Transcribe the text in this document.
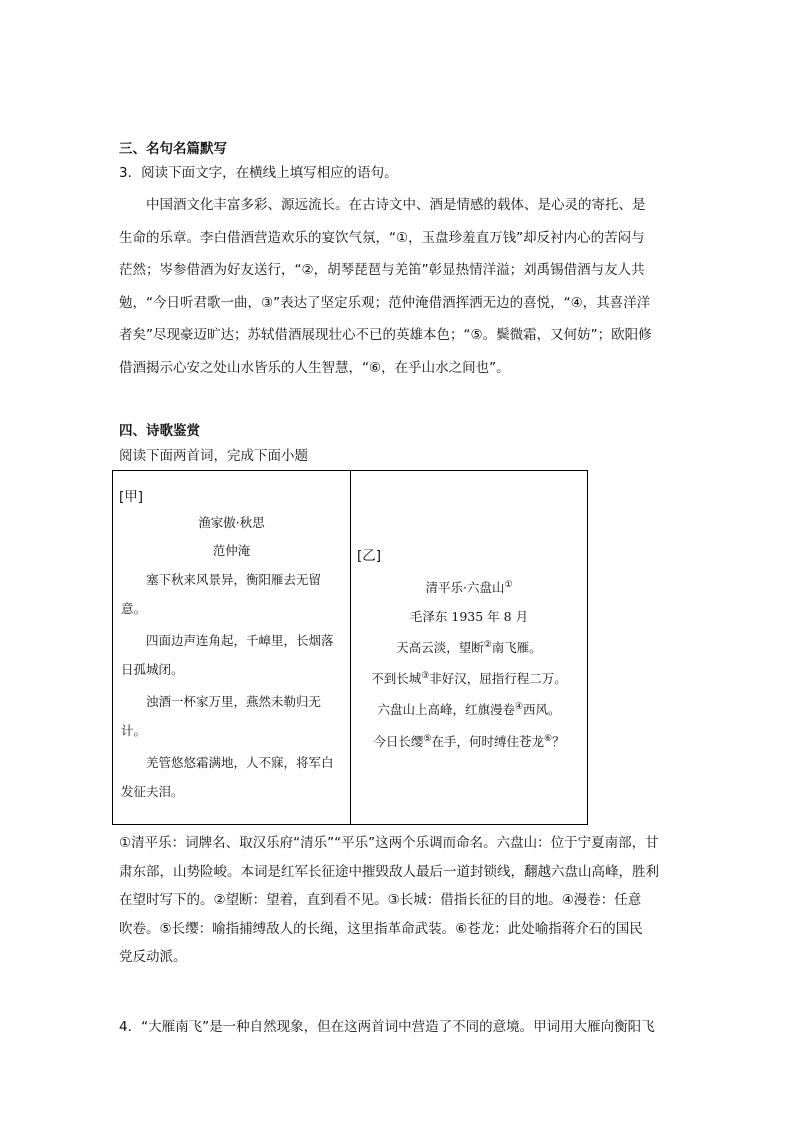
三、名句名篇默写
3．阅读下面文字，在横线上填写相应的语句。

中国酒文化丰富多彩、源远流长。在古诗文中、酒是情感的载体、是心灵的寄托、是

生命的乐章。李白借酒营造欢乐的宴饮气氛，“①，玉盘珍羞直万钱”却反衬内心的苦闷与

茫然；岑参借酒为好友送行，“②，胡琴琵琶与羌笛”彰显热情洋溢；刘禹锡借酒与友人共

勉，“今日听君歌一曲，③”表达了坚定乐观；范仲淹借酒挥洒无边的喜悦，“④，其喜洋洋

者矣”尽现豪迈旷达；苏轼借酒展现壮心不已的英雄本色；“⑤。鬓微霜，又何妨”；欧阳修

借酒揭示心安之处山水皆乐的人生智慧，“⑥，在乎山水之间也”。

四、诗歌鉴赏
阅读下面两首词，完成下面小题
[甲]
渔家傲·秋思
范仲淹

塞下秋来风景异，衡阳雁去无留意。

四面边声连角起，千嶂里，长烟落日孤城闭。

浊酒一杯家万里，燕然未勒归无计。

羌管悠悠霜满地，人不寐，将军白发征夫泪。

[乙]
清平乐·六盘山①
毛泽东 1935 年 8 月

天高云淡，望断②南飞雁。

不到长城③非好汉，屈指行程二万。

六盘山上高峰，红旗漫卷④西风。

今日长缨⑤在手，何时缚住苍龙⑥？

①清平乐：词牌名、取汉乐府“清乐”“平乐”这两个乐调而命名。六盘山：位于宁夏南部，甘
肃东部，山势险峻。本词是红军长征途中摧毁敌人最后一道封锁线，翻越六盘山高峰，胜利
在望时写下的。②望断：望着，直到看不见。③长城：借指长征的目的地。④漫卷：任意
吹卷。⑤长缨：喻指捕缚敌人的长绳，这里指革命武装。⑥苍龙：此处喻指蒋介石的国民
党反动派。
4．“大雁南飞”是一种自然现象，但在这两首词中营造了不同的意境。甲词用大雁向衡阳飞
